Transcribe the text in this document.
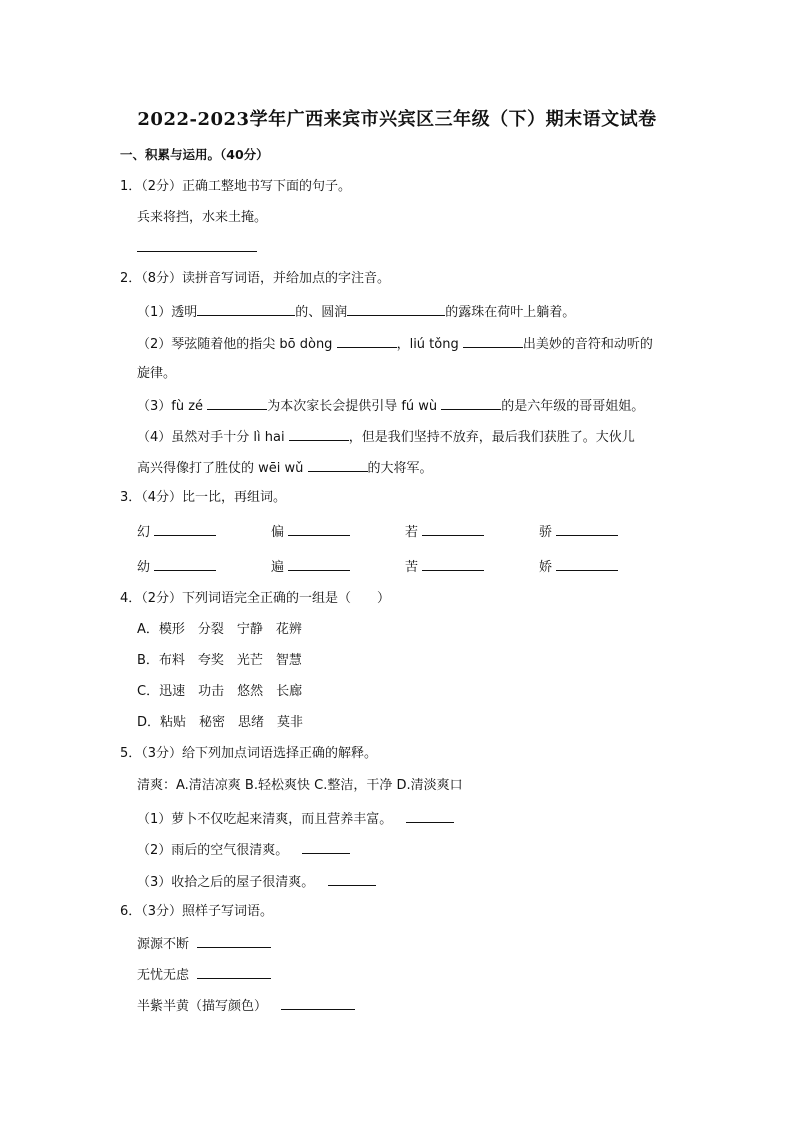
2022-2023学年广西来宾市兴宾区三年级（下）期末语文试卷
一、积累与运用。（40分）
1．（2分）正确工整地书写下面的句子。
兵来将挡，水来土掩。
2．（8分）读拼音写词语，并给加点的字注音。
（1）透明	的、圆润	的露珠在荷叶上躺着。
（2）琴弦随着他的指尖 bō dòng	，liú tǒng	出美妙的音符和动听的
旋律。
（3）fù zé	为本次家长会提供引导 fú wù	的是六年级的哥哥姐姐。
（4）虽然对手十分 lì hai	，但是我们坚持不放弃，最后我们获胜了。大伙儿
高兴得像打了胜仗的 wēi wǔ	的大将军。
3．（4分）比一比，再组词。
幻	偏	若	骄
幼	遍	苦	娇
4．（2分）下列词语完全正确的一组是（　　）
A．模形　分裂　宁静　花辨
B．布料　夸奖　光芒　智慧
C．迅速　功击　悠然　长廊
D．粘贴　秘密　思绪　莫非
5．（3分）给下列加点词语选择正确的解释。
清爽：A.清洁凉爽 B.轻松爽快 C.整洁，干净 D.清淡爽口
（1）萝卜不仅吃起来清爽，而且营养丰富。
（2）雨后的空气很清爽。
（3）收拾之后的屋子很清爽。
6．（3分）照样子写词语。
源源不断
无忧无虑
半紫半黄（描写颜色）
